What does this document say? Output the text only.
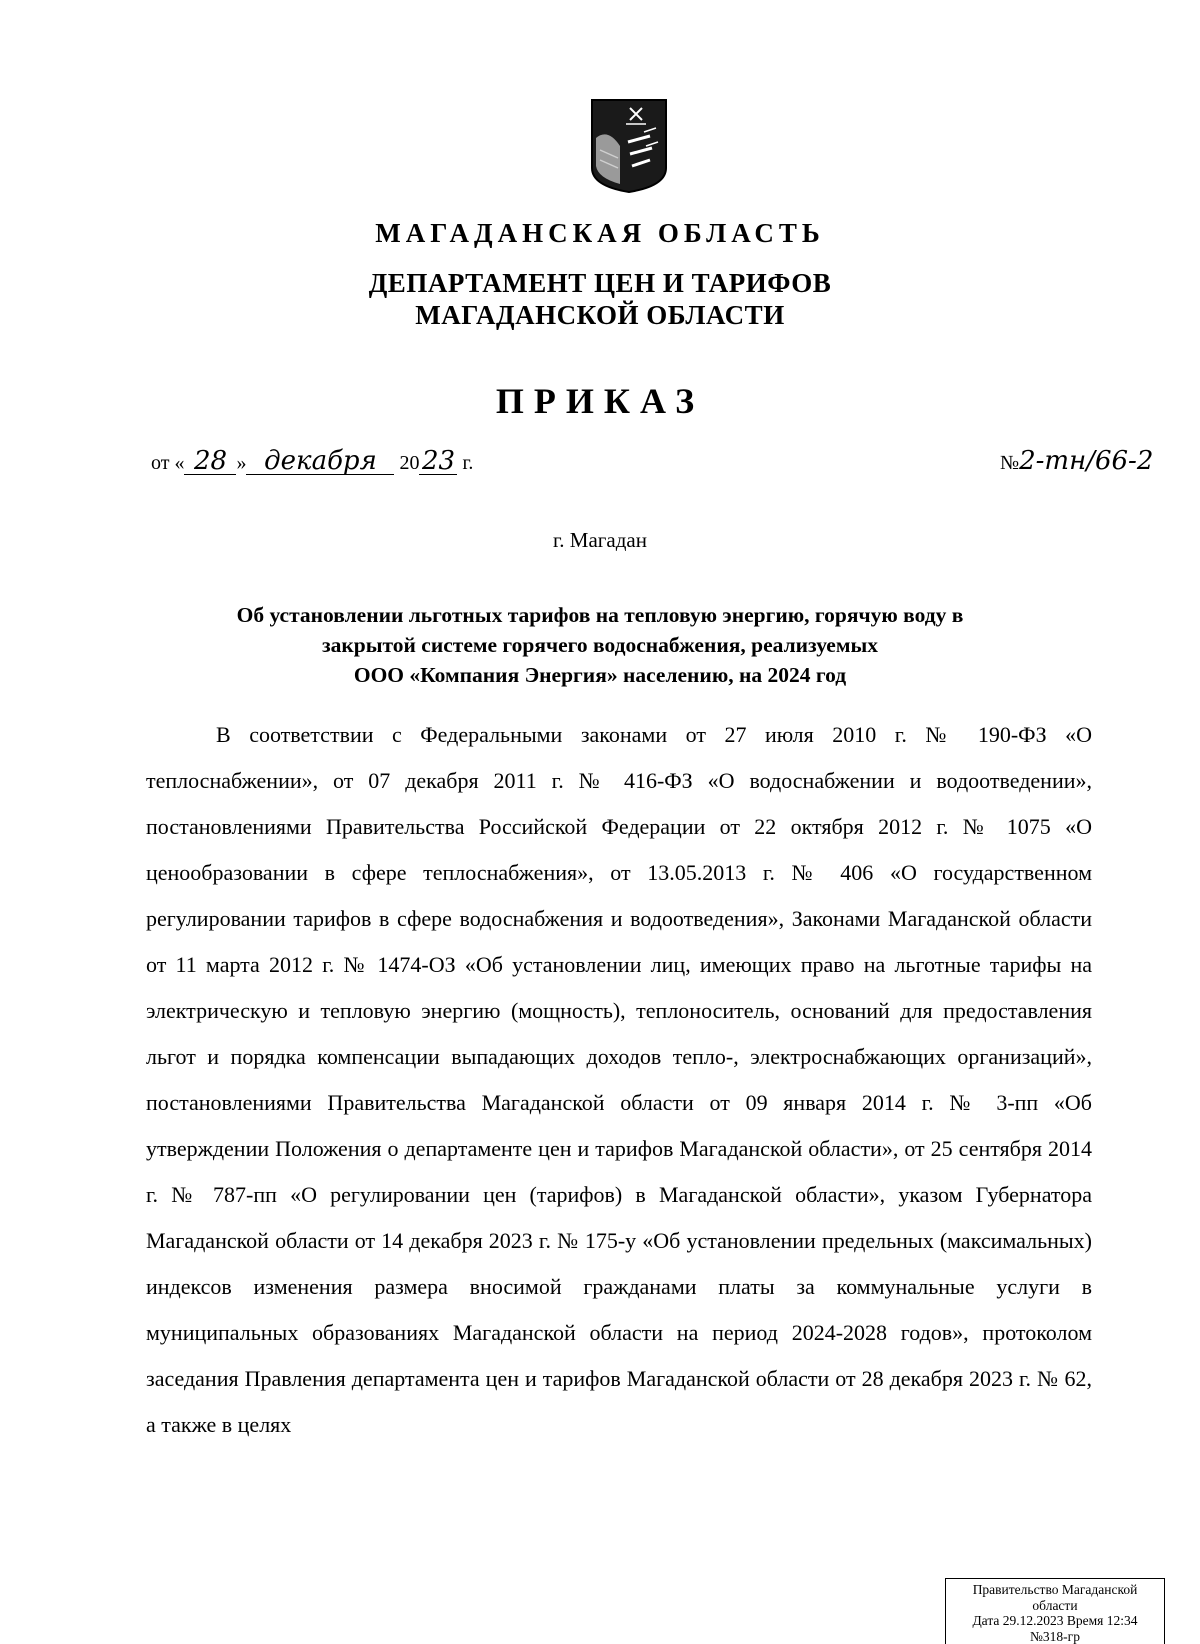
МАГАДАНСКАЯ ОБЛАСТЬ
ДЕПАРТАМЕНТ ЦЕН И ТАРИФОВ
МАГАДАНСКОЙ ОБЛАСТИ
ПРИКАЗ
от « 28 » декабря 2023 г.	№2-тн/66-2
г. Магадан
Об установлении льготных тарифов на тепловую энергию, горячую воду в
закрытой системе горячего водоснабжения, реализуемых
ООО «Компания Энергия» населению, на 2024 год
В соответствии с Федеральными законами от 27 июля 2010 г. № 190-ФЗ «О теплоснабжении», от 07 декабря 2011 г. № 416-ФЗ «О водоснабжении и водоотведении», постановлениями Правительства Российской Федерации от 22 октября 2012 г. № 1075 «О ценообразовании в сфере теплоснабжения», от 13.05.2013 г. № 406 «О государственном регулировании тарифов в сфере водоснабжения и водоотведения», Законами Магаданской области от 11 марта 2012 г. № 1474-ОЗ «Об установлении лиц, имеющих право на льготные тарифы на электрическую и тепловую энергию (мощность), теплоноситель, оснований для предоставления льгот и порядка компенсации выпадающих доходов тепло-, электроснабжающих организаций», постановлениями Правительства Магаданской области от 09 января 2014 г. № 3-пп «Об утверждении Положения о департаменте цен и тарифов Магаданской области», от 25 сентября 2014 г. № 787-пп «О регулировании цен (тарифов) в Магаданской области», указом Губернатора Магаданской области от 14 декабря 2023 г. № 175-у «Об установлении предельных (максимальных) индексов изменения размера вносимой гражданами платы за коммунальные услуги в муниципальных образованиях Магаданской области на период 2024-2028 годов», протоколом заседания Правления департамента цен и тарифов Магаданской области от 28 декабря 2023 г. № 62, а также в целях
Правительство Магаданской
области
Дата 29.12.2023 Время 12:34
№318-гр
